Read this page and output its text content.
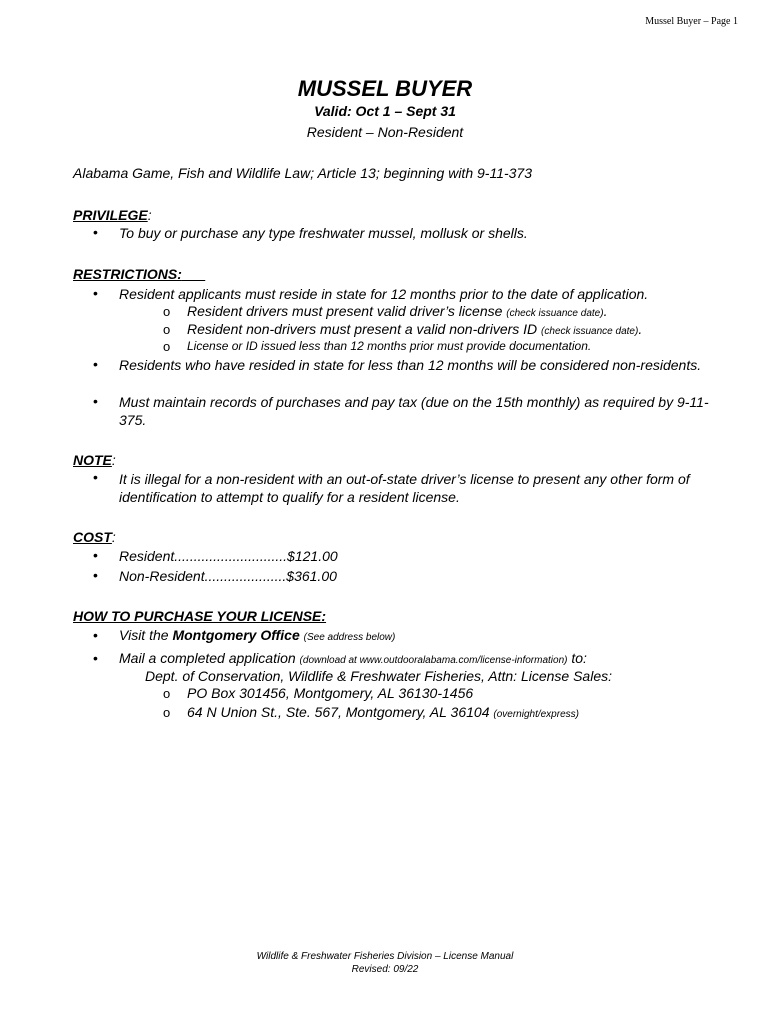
Mussel Buyer – Page 1
MUSSEL BUYER
Valid: Oct 1 – Sept 31
Resident – Non-Resident
Alabama Game, Fish and Wildlife Law; Article 13; beginning with 9-11-373
PRIVILEGE:
• To buy or purchase any type freshwater mussel, mollusk or shells.
RESTRICTIONS:
• Resident applicants must reside in state for 12 months prior to the date of application.
o Resident drivers must present valid driver’s license (check issuance date).
o Resident non-drivers must present a valid non-drivers ID (check issuance date).
o License or ID issued less than 12 months prior must provide documentation.
• Residents who have resided in state for less than 12 months will be considered non-residents.
• Must maintain records of purchases and pay tax (due on the 15th monthly) as required by 9-11-375.
NOTE:
• It is illegal for a non-resident with an out-of-state driver’s license to present any other form of identification to attempt to qualify for a resident license.
COST:
• Resident.............................$121.00
• Non-Resident.....................$361.00
HOW TO PURCHASE YOUR LICENSE:
• Visit the Montgomery Office (See address below)
• Mail a completed application (download at www.outdooralabama.com/license-information) to:
Dept. of Conservation, Wildlife & Freshwater Fisheries, Attn: License Sales:
o PO Box 301456, Montgomery, AL 36130-1456
o 64 N Union St., Ste. 567, Montgomery, AL 36104 (overnight/express)
Wildlife & Freshwater Fisheries Division – License Manual
Revised: 09/22
